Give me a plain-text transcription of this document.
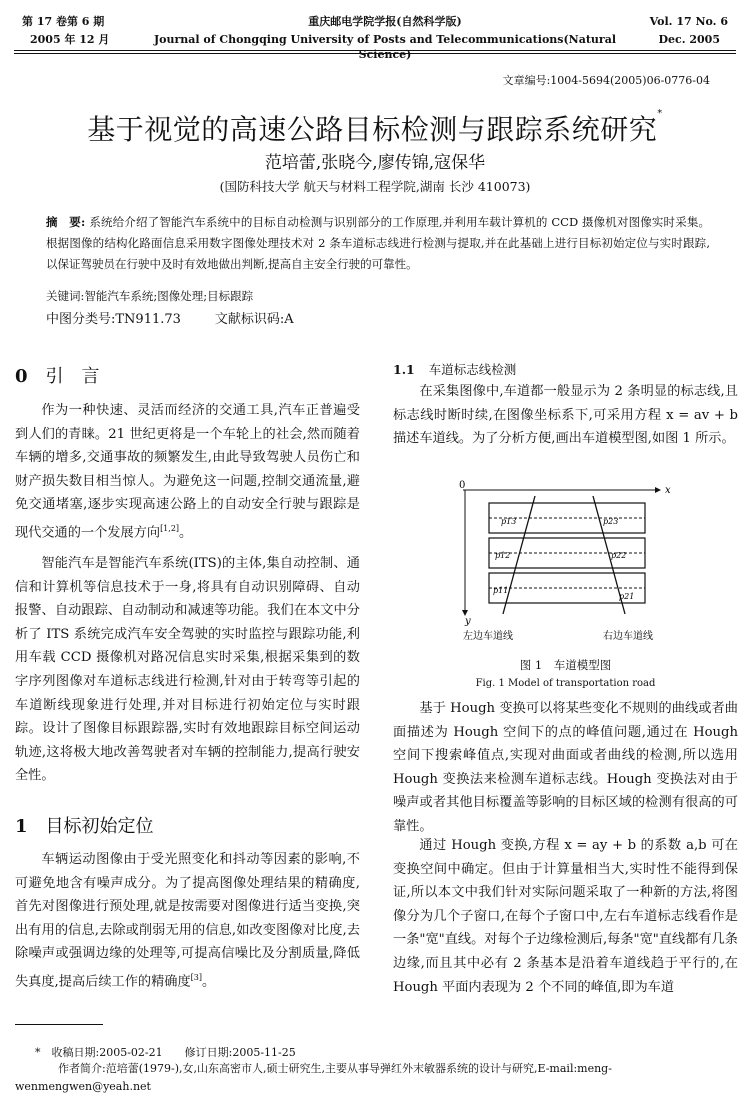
第 17 卷第 6 期
2005 年 12 月
重庆邮电学院学报(自然科学版)
Journal of Chongqing University of Posts and Telecommunications(Natural Science)
Vol. 17 No. 6
Dec. 2005
文章编号:1004-5694(2005)06-0776-04
基于视觉的高速公路目标检测与跟踪系统研究*
范培蕾,张晓今,廖传锦,寇保华
(国防科技大学 航天与材料工程学院,湖南 长沙 410073)
摘　要: 系统给介绍了智能汽车系统中的目标自动检测与识别部分的工作原理,并利用车载计算机的 CCD 摄像机对图像实时采集。根据图像的结构化路面信息采用数字图像处理技术对 2 条车道标志线进行检测与提取,并在此基础上进行目标初始定位与实时跟踪,以保证驾驶员在行驶中及时有效地做出判断,提高自主安全行驶的可靠性。
关键词:智能汽车系统;图像处理;目标跟踪
中图分类号:TN911.73	文献标识码:A
0 引　言
作为一种快速、灵活而经济的交通工具,汽车正普遍受到人们的青睐。21 世纪更将是一个车轮上的社会,然而随着车辆的增多,交通事故的频繁发生,由此导致驾驶人员伤亡和财产损失数目相当惊人。为避免这一问题,控制交通流量,避免交通堵塞,逐步实现高速公路上的自动安全行驶与跟踪是现代交通的一个发展方向[1,2]。
智能汽车是智能汽车系统(ITS)的主体,集自动控制、通信和计算机等信息技术于一身,将具有自动识别障碍、自动报警、自动跟踪、自动制动和减速等功能。我们在本文中分析了 ITS 系统完成汽车安全驾驶的实时监控与跟踪功能,利用车载 CCD 摄像机对路况信息实时采集,根据采集到的数字序列图像对车道标志线进行检测,针对由于转弯等引起的车道断线现象进行处理,并对目标进行初始定位与实时跟踪。设计了图像目标跟踪器,实时有效地跟踪目标空间运动轨迹,这将极大地改善驾驶者对车辆的控制能力,提高行驶安全性。
1 目标初始定位
车辆运动图像由于受光照变化和抖动等因素的影响,不可避免地含有噪声成分。为了提高图像处理结果的精确度,首先对图像进行预处理,就是按需要对图像进行适当变换,突出有用的信息,去除或削弱无用的信息,如改变图像对比度,去除噪声或强调边缘的处理等,可提高信噪比及分割质量,降低失真度,提高后续工作的精确度[3]。
1.1 车道标志线检测
在采集图像中,车道都一般显示为 2 条明显的标志线,且标志线时断时续,在图像坐标系下,可采用方程 x = av + b 描述车道线。为了分析方便,画出车道模型图,如图 1 所示。
0	x
y
p13	p23
p12	p22
p11
p21
左边车道线	右边车道线
图 1　车道模型图
Fig. 1 Model of transportation road
基于 Hough 变换可以将某些变化不规则的曲线或者曲面描述为 Hough 空间下的点的峰值问题,通过在 Hough 空间下搜索峰值点,实现对曲面或者曲线的检测,所以选用 Hough 变换法来检测车道标志线。Hough 变换法对由于噪声或者其他目标覆盖等影响的目标区域的检测有很高的可靠性。
通过 Hough 变换,方程 x = ay + b 的系数 a,b 可在变换空间中确定。但由于计算量相当大,实时性不能得到保证,所以本文中我们针对实际问题采取了一种新的方法,将图像分为几个子窗口,在每个子窗口中,左右车道标志线看作是一条"宽"直线。对每个子边缘检测后,每条"宽"直线都有几条边缘,而且其中必有 2 条基本是沿着车道线趋于平行的,在 Hough 平面内表现为 2 个不同的峰值,即为车道
*　收稿日期:2005-02-21　　修订日期:2005-11-25
作者简介:范培蕾(1979-),女,山东高密市人,硕士研究生,主要从事导弹红外末敏器系统的设计与研究,E-mail:meng-
wenmengwen@yeah.net
